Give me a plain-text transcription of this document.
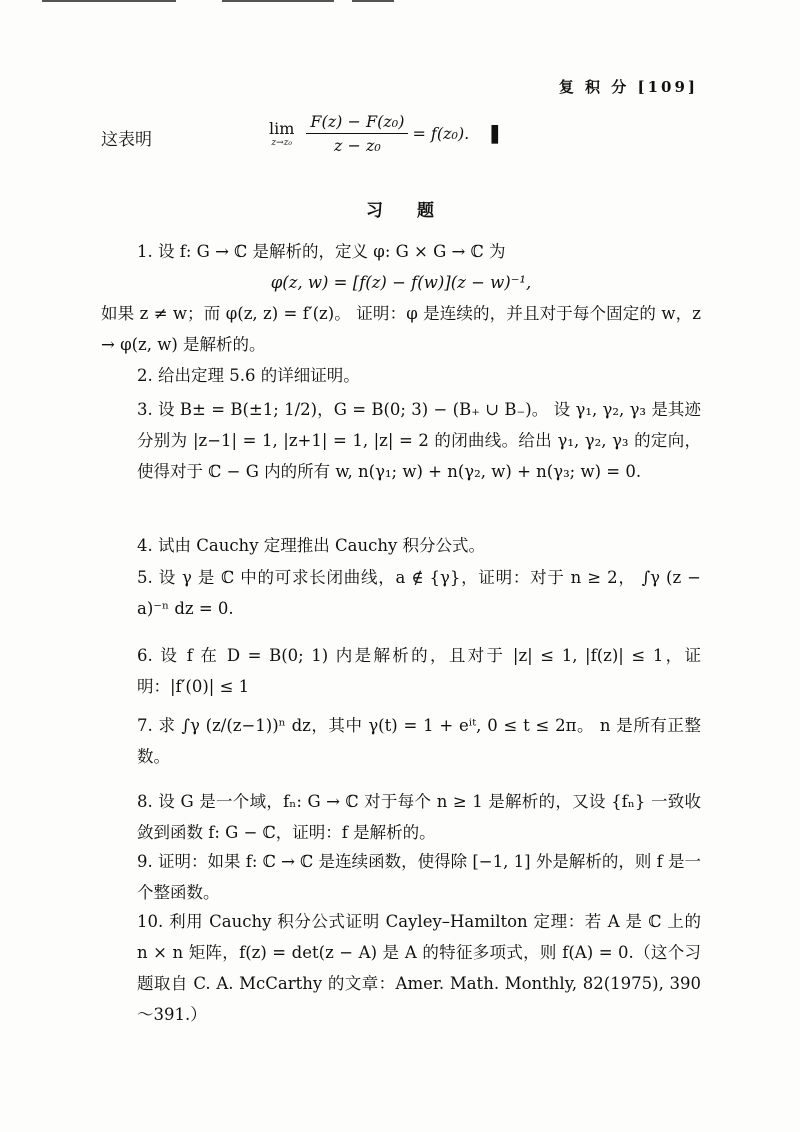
复 积 分 [109]
这表明
lim
$z\to z_0 \frac{\text{F(z) − F(z₀)}}{\text{z − z₀}} = f(z_0)$. ❚
习题
1. 设 f: G → ℂ 是解析的，定义 φ: G × G → ℂ 为
φ(z, w) = [f(z) − f(w)](z − w)⁻¹,
如果 z ≠ w；而 φ(z, z) = f′(z)。 证明：φ 是连续的，并且对于每个固定的 w，z → φ(z, w) 是解析的。
2. 给出定理 5.6 的详细证明。
3. 设 B± = B(±1; 1/2)，G = B(0; 3) − (B₊ ∪ B₋)。 设 γ₁, γ₂, γ₃ 是其迹分别为 |z−1| = 1, |z+1| = 1, |z| = 2 的闭曲线。给出 γ₁, γ₂, γ₃ 的定向，使得对于 ℂ − G 内的所有 w, n(γ₁; w) + n(γ₂, w) + n(γ₃; w) = 0.
4. 试由 Cauchy 定理推出 Cauchy 积分公式。
5. 设 γ 是 ℂ 中的可求长闭曲线，a ∉ {γ}，证明：对于 n ≥ 2， ∫γ (z − a)⁻ⁿ dz = 0.
6. 设 f 在 D = B(0; 1) 内是解析的，且对于 |z| ≤ 1, |f(z)| ≤ 1，证明：|f′(0)| ≤ 1
7. 求 ∫γ (z/(z−1))ⁿ dz，其中 γ(t) = 1 + eⁱᵗ, 0 ≤ t ≤ 2π。 n 是所有正整数。
8. 设 G 是一个域，fₙ: G → ℂ 对于每个 n ≥ 1 是解析的，又设 {fₙ} 一致收敛到函数 f: G − ℂ，证明：f 是解析的。
9. 证明：如果 f: ℂ → ℂ 是连续函数，使得除 [−1, 1] 外是解析的，则 f 是一个整函数。
10. 利用 Cauchy 积分公式证明 Cayley–Hamilton 定理：若 A 是 ℂ 上的 n × n 矩阵，f(z) = det(z − A) 是 A 的特征多项式，则 f(A) = 0.（这个习题取自 C. A. McCarthy 的文章：Amer. Math. Monthly, 82(1975), 390～391.）
